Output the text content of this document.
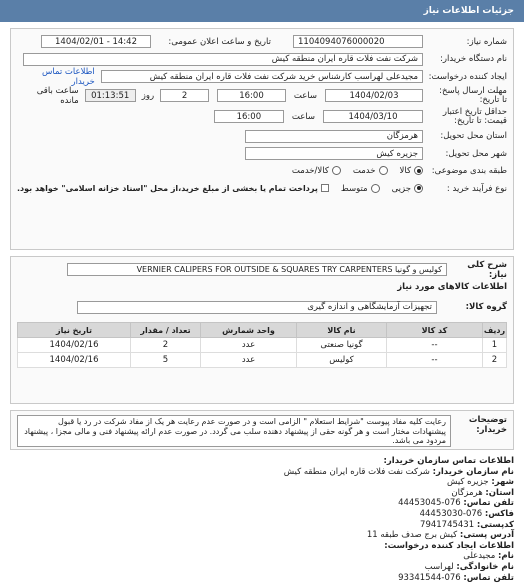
جزئیات اطلاعات نیاز
شماره نیاز:
1104094076000020
تاریخ و ساعت اعلان عمومی:
1404/02/01 - 14:42
نام دستگاه خریدار:
شرکت نفت فلات قاره ایران منطقه کیش
ایجاد کننده درخواست:
مجیدعلی لهراسب کارشناس خرید شرکت نفت فلات قاره ایران منطقه کیش
اطلاعات تماس خریدار
مهلت ارسال پاسخ:
تا تاریخ:
1404/02/03
ساعت
16:00
2
روز
01:13:51
ساعت باقی مانده
حداقل تاریخ اعتبار
قیمت: تا تاریخ:
1404/03/10
ساعت
16:00
استان محل تحویل:
هرمزگان
شهر محل تحویل:
جزیره کیش
طبقه بندی موضوعی:
کالا
خدمت
کالا/خدمت
نوع فرآیند خرید :
جزیی
متوسط
پرداخت تمام یا بخشی از مبلغ خرید،از محل "اسناد خزانه اسلامی" خواهد بود.
شرح کلی نیاز:
کولیس و گونیا VERNIER CALIPERS FOR OUTSIDE & SQUARES TRY CARPENTERS
اطلاعات کالاهای مورد نیاز
گروه کالا:
تجهیزات آزمایشگاهی و اندازه گیری
ردیف	کد کالا	نام کالا	واحد شمارش	تعداد / مقدار	تاریخ نیاز
1	--	گونیا صنعتی	عدد	2	1404/02/16
2	--	کولیس	عدد	5	1404/02/16
توضیحات
خریدار:
رعایت کلیه مفاد پیوست "شرایط استعلام " الزامی است و در صورت عدم رعایت هر یک از مفاد شرکت در رد یا قبول پیشنهادات مختار است و هر گونه حقی از پیشنهاد دهنده سلب می گردد. در صورت عدم ارائه پیشنهاد فنی و مالی مجزا ، پیشنهاد مردود می باشد.
اطلاعات تماس سازمان خریدار:
نام سازمان خریدار: شرکت نفت فلات قاره ایران منطقه کیش
شهر: جزیره کیش
استان: هرمزگان
تلفن تماس: 076-44453045
فاکس: 076-44453030
کدپستی: 7941745431
آدرس پستی: کیش برج صدف طبقه 11
اطلاعات ایجاد کننده درخواست:
نام: مجیدعلی
نام خانوادگی: لهراسب
تلفن تماس: 076-93341544
